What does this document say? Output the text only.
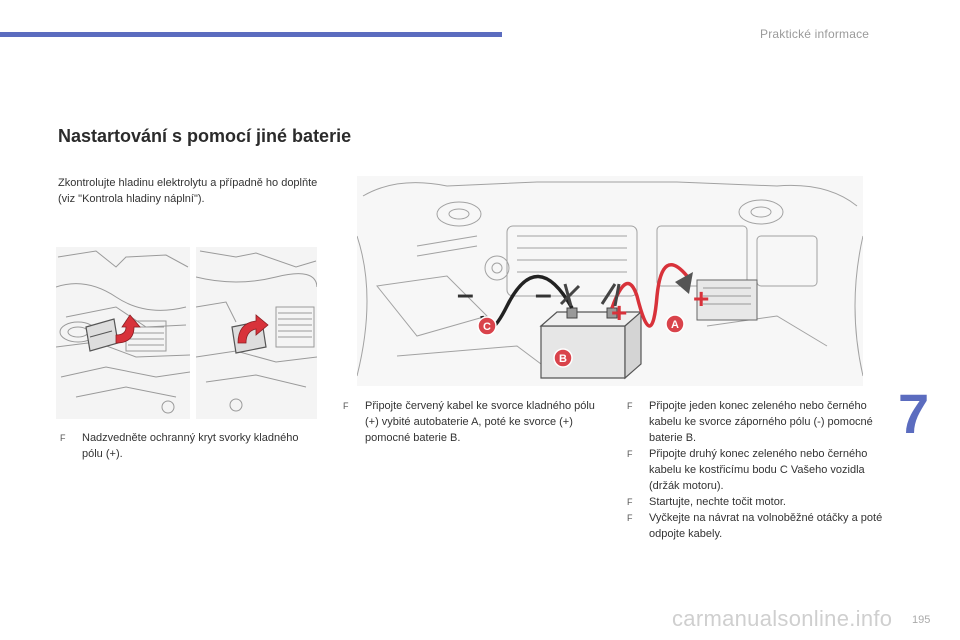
Praktické informace
Nastartování s pomocí jiné baterie
Zkontrolujte hladinu elektrolytu a případně ho doplňte (viz "Kontrola hladiny náplní").
– –
+ +
C
B
A
F Nadzvedněte ochranný kryt svorky kladného pólu (+).
F Připojte červený kabel ke svorce kladného pólu (+) vybité autobaterie A, poté ke svorce (+) pomocné baterie B.
F Připojte jeden konec zeleného nebo černého kabelu ke svorce záporného pólu (-) pomocné baterie B.
F Připojte druhý konec zeleného nebo černého kabelu ke kostřicímu bodu C Vašeho vozidla (držák motoru).
F Startujte, nechte točit motor.
F Vyčkejte na návrat na volnoběžné otáčky a poté odpojte kabely.
7
carmanualsonline.info 195
